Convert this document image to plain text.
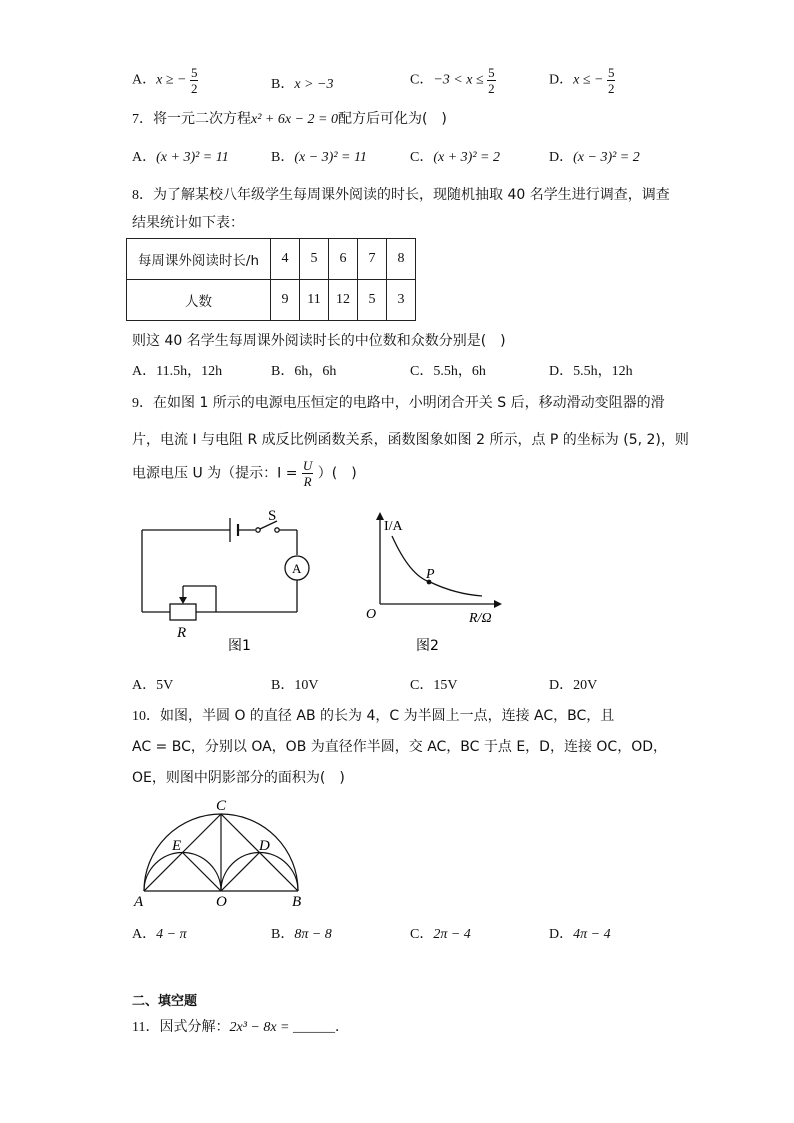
A．x ≥ − $\frac{5}{2}$	B．x > −3	C．$-3 < x \le \frac{5}{2}$	D．x ≤ − $\frac{5}{2}$
7．将一元二次方程x² + 6x − 2 = 0配方后可化为(　)
A．(x + 3)² = 11	B．(x − 3)² = 11	C．(x + 3)² = 2	D．(x − 3)² = 2
8．为了解某校八年级学生每周课外阅读的时长，现随机抽取 40 名学生进行调查，调查
结果统计如下表：
每周课外阅读时长/h	4	5	6	7	8
人数	9	11	12	5	3
则这 40 名学生每周课外阅读时长的中位数和众数分别是(　)
A．11.5h，12h	B．6h，6h	C．5.5h，6h	D．5.5h，12h
9．在如图 1 所示的电源电压恒定的电路中，小明闭合开关 S 后，移动滑动变阻器的滑
片，电流 I 与电阻 R 成反比例函数关系，函数图象如图 2 所示，点 P 的坐标为 (5, 2)，则
电源电压 U 为（提示：$I = \frac{U}{R}$ ）(　)
S
A
R
图1
I/A
P
O	R/Ω
图2
A．5V	B．10V	C．15V	D．20V
10．如图，半圆 O 的直径 AB 的长为 4，C 为半圆上一点，连接 AC，BC，且
AC = BC，分别以 OA，OB 为直径作半圆，交 AC，BC 于点 E，D，连接 OC，OD，
OE，则图中阴影部分的面积为(　)
C
E	D
A	O	B
A．4 − π	B．8π − 8	C．2π − 4	D．4π − 4
二、填空题
11．因式分解：2x³ − 8x = ______．
